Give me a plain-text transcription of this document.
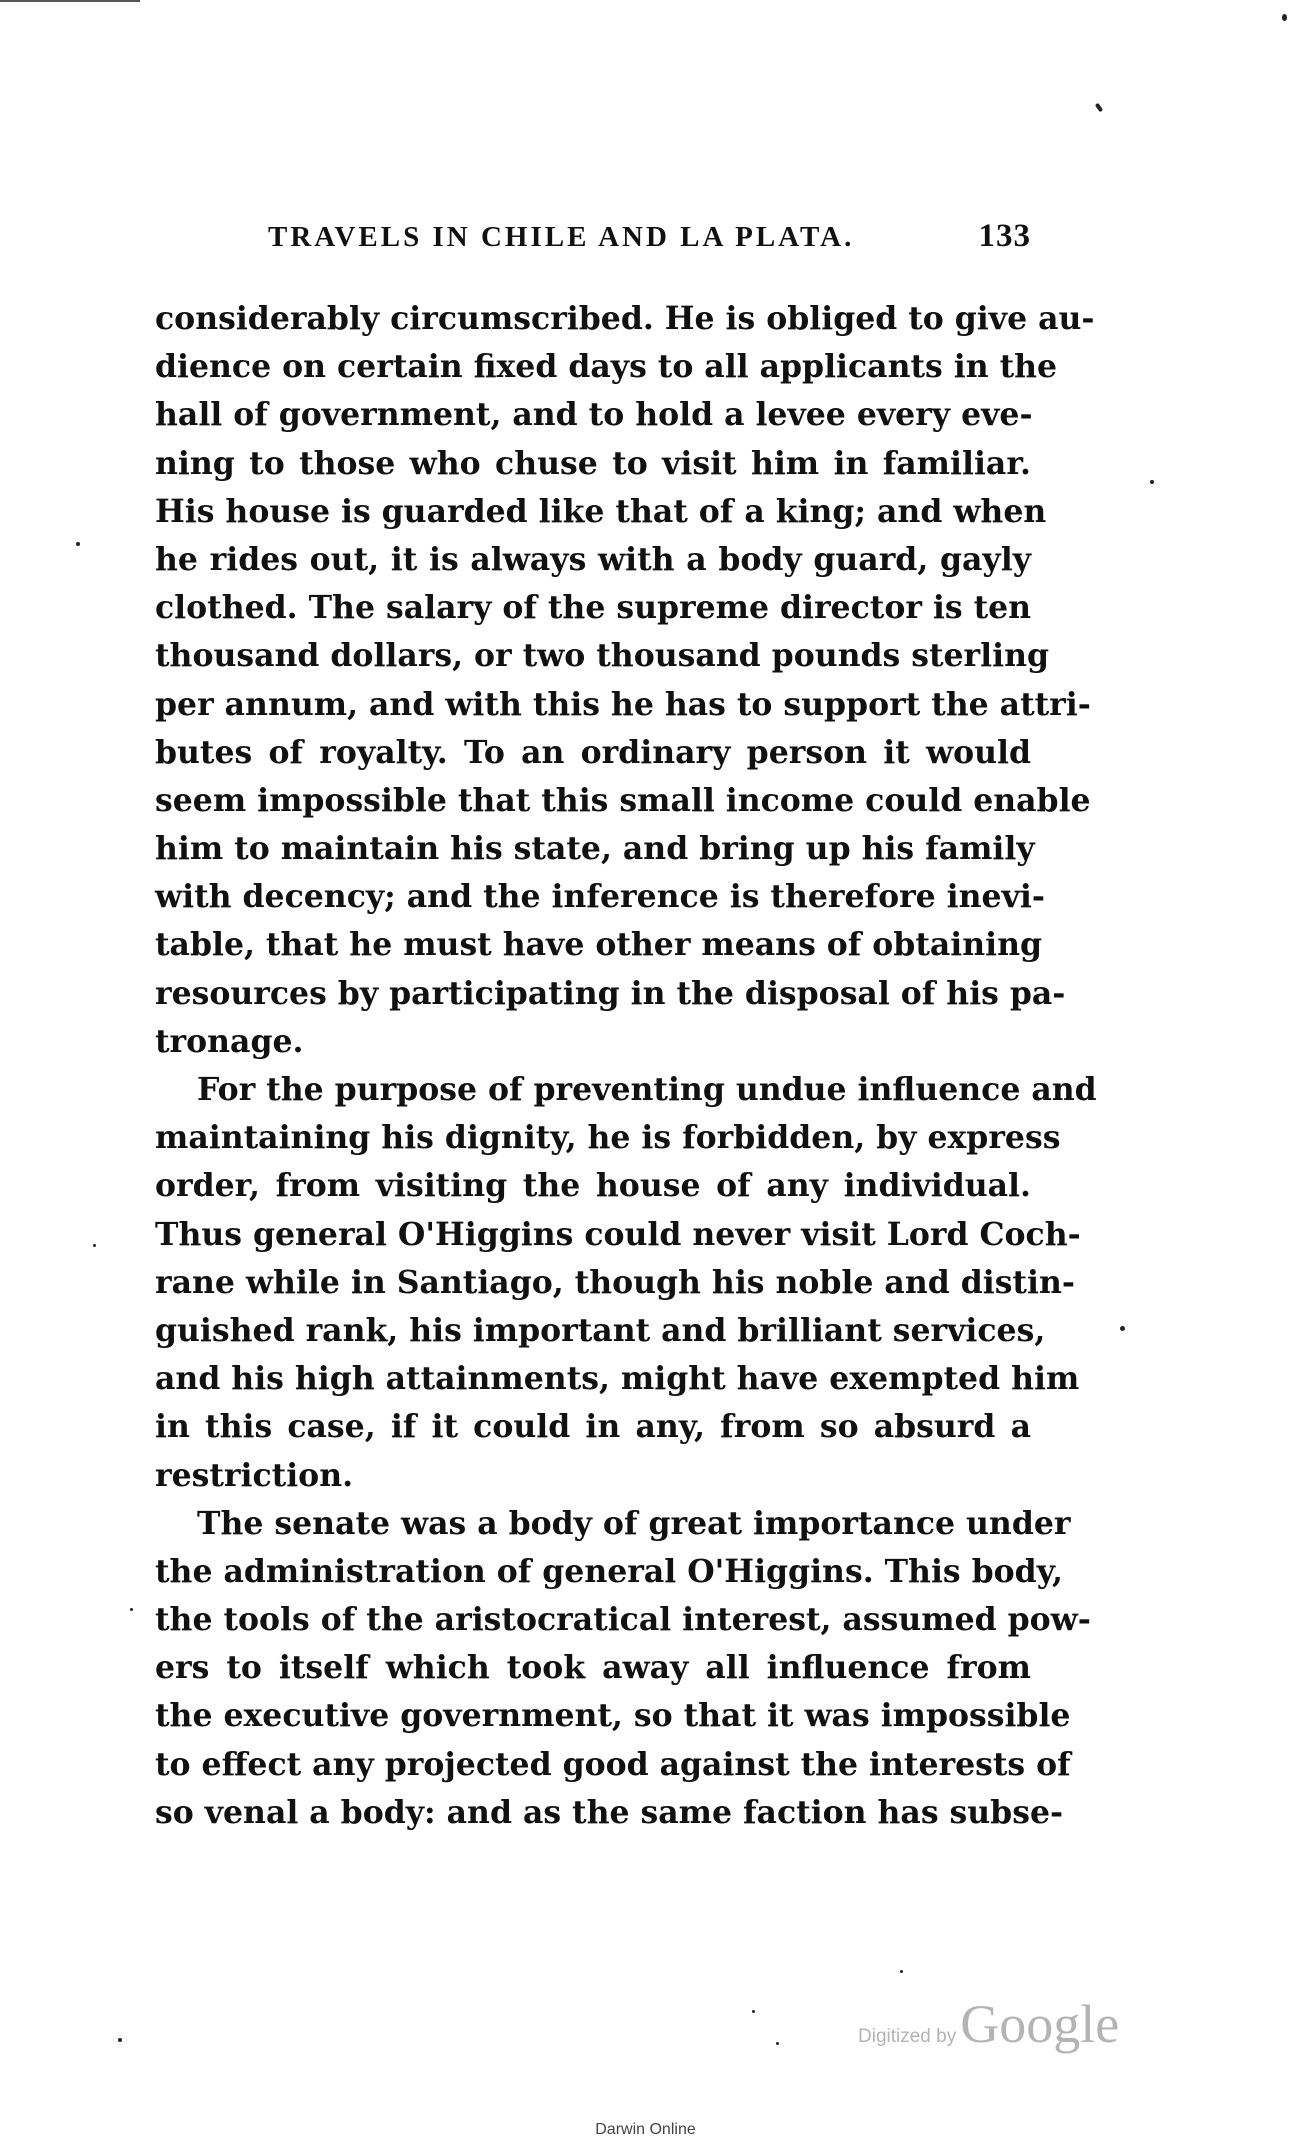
TRAVELS IN CHILE AND LA PLATA.	133
considerably circumscribed. He is obliged to give au-
dience on certain fixed days to all applicants in the
hall of government, and to hold a levee every eve-
ning to those who chuse to visit him in familiar.
His house is guarded like that of a king; and when
he rides out, it is always with a body guard, gayly
clothed. The salary of the supreme director is ten
thousand dollars, or two thousand pounds sterling
per annum, and with this he has to support the attri-
butes of royalty. To an ordinary person it would
seem impossible that this small income could enable
him to maintain his state, and bring up his family
with decency; and the inference is therefore inevi-
table, that he must have other means of obtaining
resources by participating in the disposal of his pa-
tronage.
For the purpose of preventing undue influence and
maintaining his dignity, he is forbidden, by express
order, from visiting the house of any individual.
Thus general O'Higgins could never visit Lord Coch-
rane while in Santiago, though his noble and distin-
guished rank, his important and brilliant services,
and his high attainments, might have exempted him
in this case, if it could in any, from so absurd a
restriction.
The senate was a body of great importance under
the administration of general O'Higgins. This body,
the tools of the aristocratical interest, assumed pow-
ers to itself which took away all influence from
the executive government, so that it was impossible
to effect any projected good against the interests of
so venal a body: and as the same faction has subse-
Digitized by Google
Darwin Online
